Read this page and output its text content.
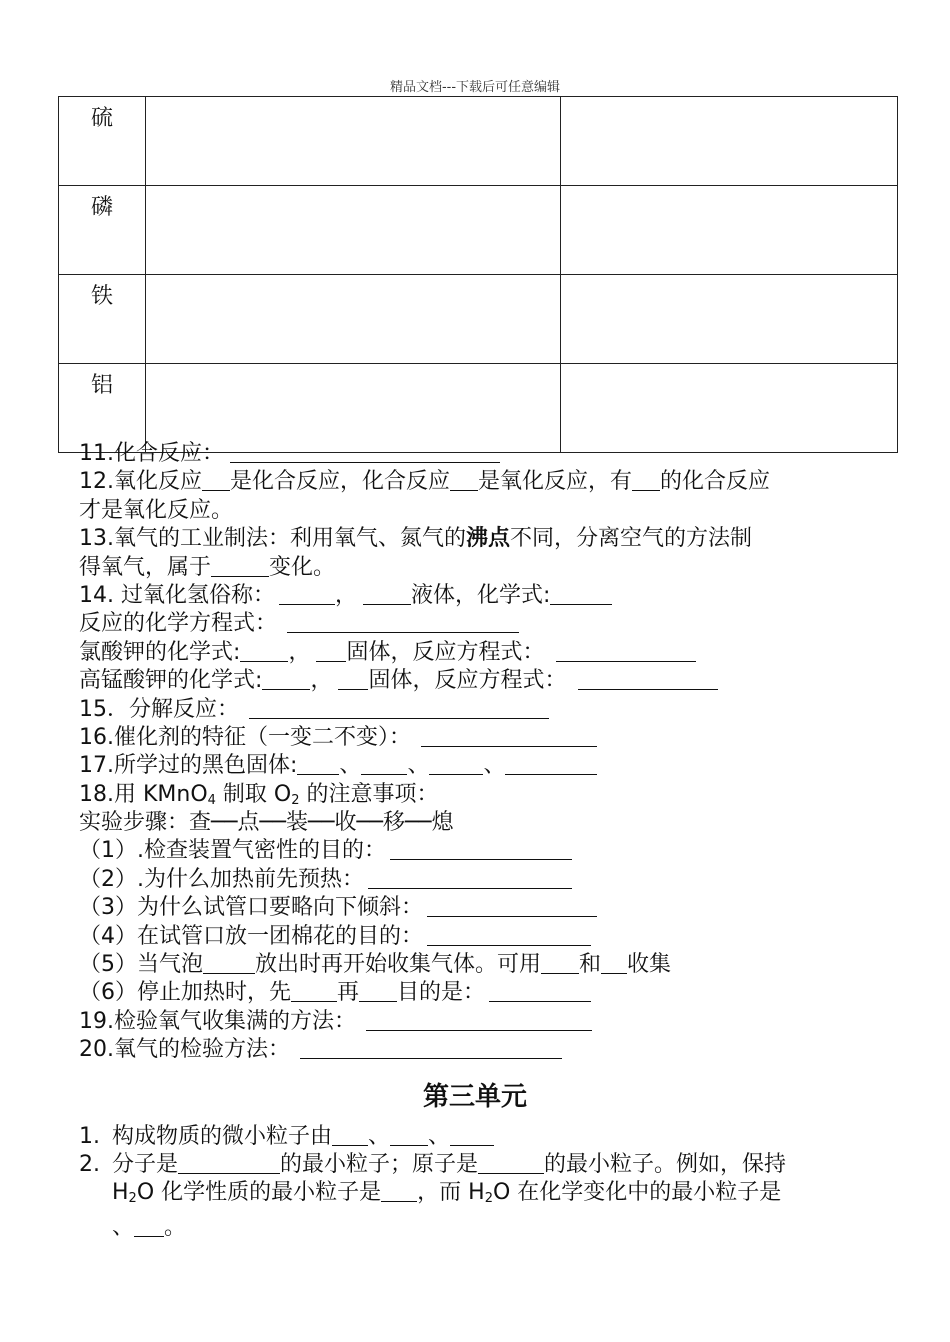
精品文档---下载后可任意编辑
硫		
磷		
铁		
铝		
11.化合反应：
12.氧化反应 是化合反应，化合反应 是氧化反应，有 的化合反应
才是氧化反应。
13.氧气的工业制法：利用氧气、氮气的沸点不同，分离空气的方法制
得氧气，属于	变化。
14. 过氧化氢俗称：	， 液体，化学式:
反应的化学方程式：
氯酸钾的化学式: ， 固体，反应方程式：
高锰酸钾的化学式: ， 固体，反应方程式：
15．分解反应：
16.催化剂的特征（一变二不变）：
17.所学过的黑色固体: 、 、 、
18.用 KMnO$_4$ 制取 $O_2$ 的注意事项：
实验步骤：查──点──装──收──移──熄
（1）.检查装置气密性的目的：
（2）.为什么加热前先预热：
（3）为什么试管口要略向下倾斜：
（4）在试管口放一团棉花的目的：
（5）当气泡 放出时再开始收集气体。可用 和 收集
（6）停止加热时，先 再 目的是：
19.检验氧气收集满的方法：
20.氧气的检验方法：
第三单元
1. 构成物质的微小粒子由 、 、
2. 分子是	的最小粒子；原子是	的最小粒子。例如，保持
$H_2O$ 化学性质的最小粒子是 ，而 $H_2O$ 在化学变化中的最小粒子是
、 。
